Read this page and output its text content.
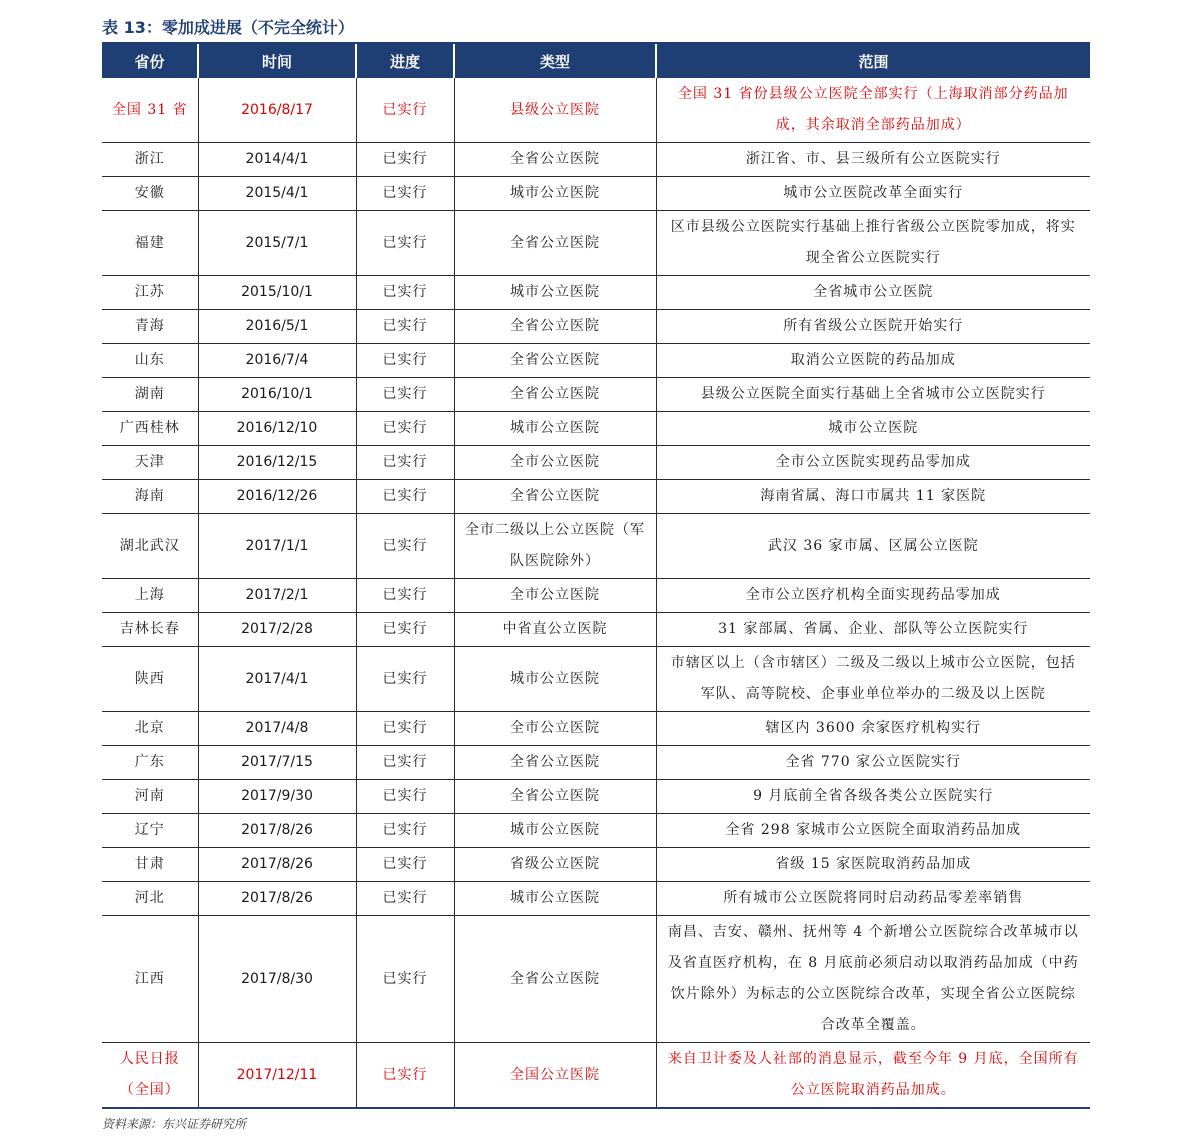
表 13：零加成进展（不完全统计）
省份	时间	进度	类型	范围
全国 31 省	2016/8/17	已实行	县级公立医院	全国 31 省份县级公立医院全部实行（上海取消部分药品加成，其余取消全部药品加成）
浙江	2014/4/1	已实行	全省公立医院	浙江省、市、县三级所有公立医院实行
安徽	2015/4/1	已实行	城市公立医院	城市公立医院改革全面实行
福建	2015/7/1	已实行	全省公立医院	区市县级公立医院实行基础上推行省级公立医院零加成，将实现全省公立医院实行
江苏	2015/10/1	已实行	城市公立医院	全省城市公立医院
青海	2016/5/1	已实行	全省公立医院	所有省级公立医院开始实行
山东	2016/7/4	已实行	全省公立医院	取消公立医院的药品加成
湖南	2016/10/1	已实行	全省公立医院	县级公立医院全面实行基础上全省城市公立医院实行
广西桂林	2016/12/10	已实行	城市公立医院	城市公立医院
天津	2016/12/15	已实行	全市公立医院	全市公立医院实现药品零加成
海南	2016/12/26	已实行	全省公立医院	海南省属、海口市属共 11 家医院
湖北武汉	2017/1/1	已实行	全市二级以上公立医院（军队医院除外）	武汉 36 家市属、区属公立医院
上海	2017/2/1	已实行	全市公立医院	全市公立医疗机构全面实现药品零加成
吉林长春	2017/2/28	已实行	中省直公立医院	31 家部属、省属、企业、部队等公立医院实行
陕西	2017/4/1	已实行	城市公立医院	市辖区以上（含市辖区）二级及二级以上城市公立医院，包括军队、高等院校、企事业单位举办的二级及以上医院
北京	2017/4/8	已实行	全市公立医院	辖区内 3600 余家医疗机构实行
广东	2017/7/15	已实行	全省公立医院	全省 770 家公立医院实行
河南	2017/9/30	已实行	全省公立医院	9 月底前全省各级各类公立医院实行
辽宁	2017/8/26	已实行	城市公立医院	全省 298 家城市公立医院全面取消药品加成
甘肃	2017/8/26	已实行	省级公立医院	省级 15 家医院取消药品加成
河北	2017/8/26	已实行	城市公立医院	所有城市公立医院将同时启动药品零差率销售
江西	2017/8/30	已实行	全省公立医院	南昌、吉安、赣州、抚州等 4 个新增公立医院综合改革城市以及省直医疗机构，在 8 月底前必须启动以取消药品加成（中药饮片除外）为标志的公立医院综合改革，实现全省公立医院综合改革全覆盖。
人民日报（全国）	2017/12/11	已实行	全国公立医院	来自卫计委及人社部的消息显示，截至今年 9 月底，全国所有公立医院取消药品加成。
资料来源：东兴证券研究所
